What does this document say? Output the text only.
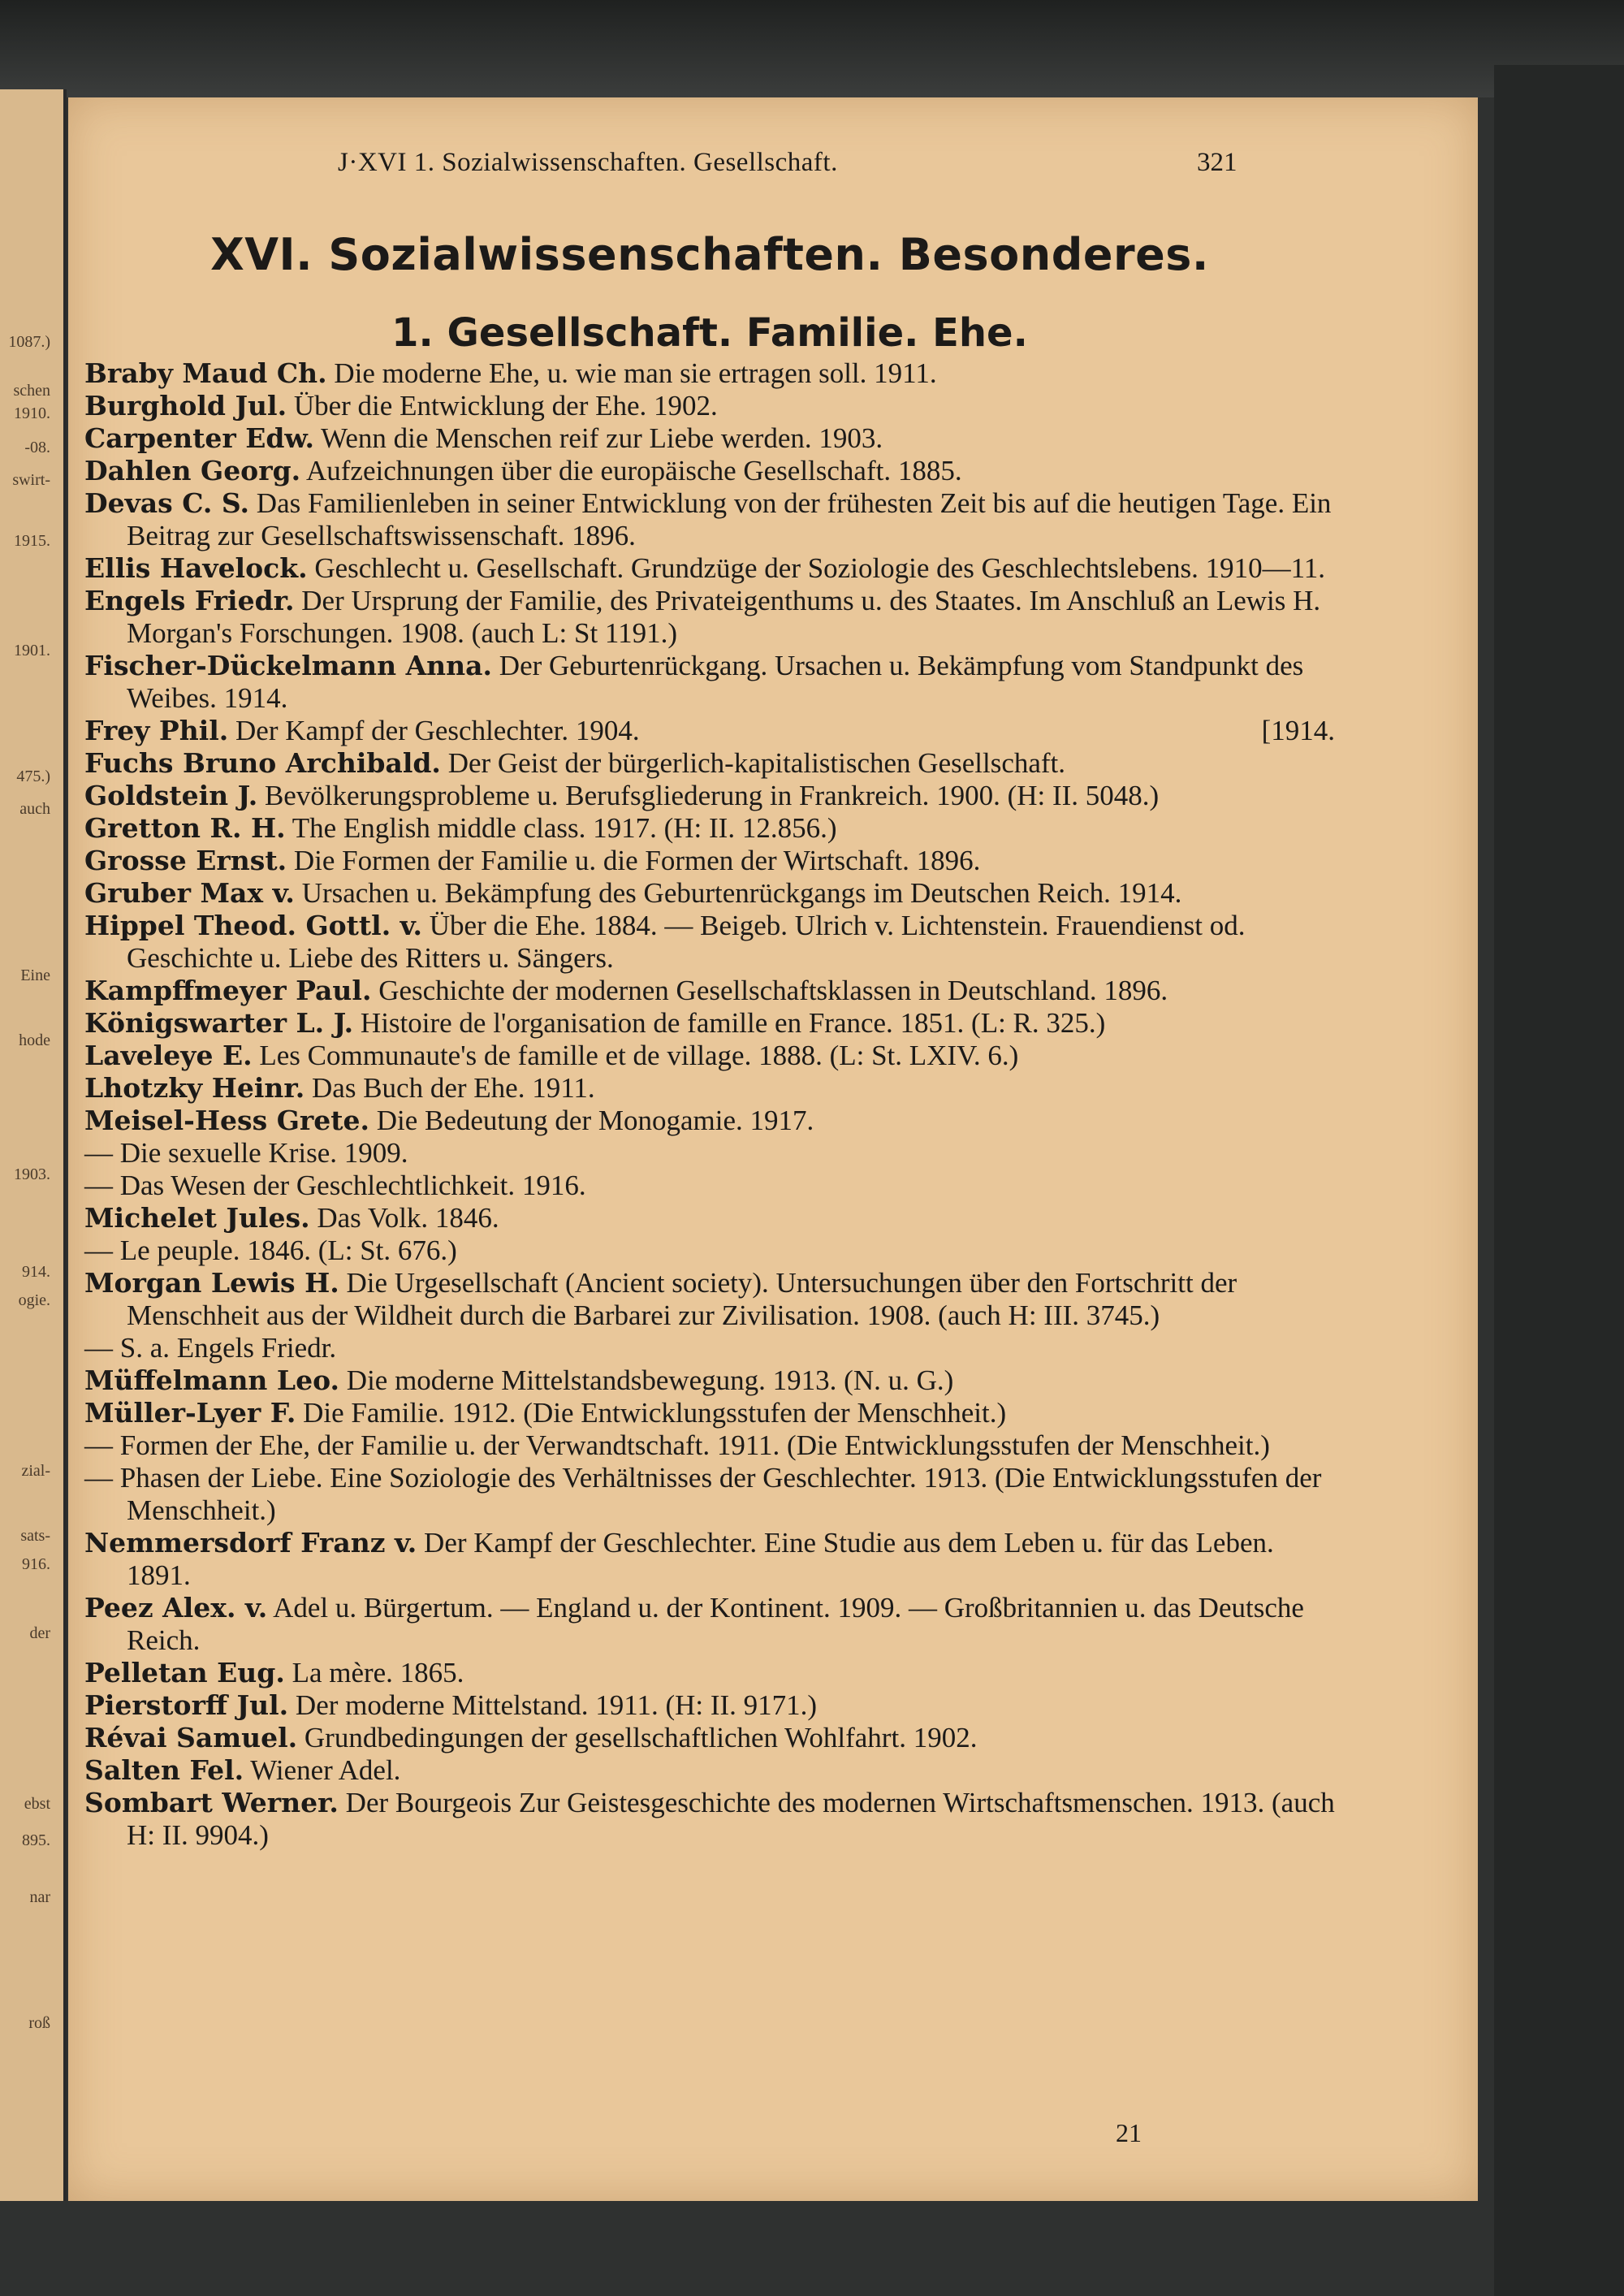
1087.)
schen
1910.
-08.
swirt-
1915.
1901.
475.)
auch
Eine
hode
1903.
914.
ogie.
zial-
sats-
916.
der
ebst
895.
nar
roß
J·XVI 1. Sozialwissenschaften. Gesellschaft.	321
XVI. Sozialwissenschaften. Besonderes.
1. Gesellschaft. Familie. Ehe.

Braby Maud Ch. Die moderne Ehe, u. wie man sie ertragen soll. 1911.

Burghold Jul. Über die Entwicklung der Ehe. 1902.

Carpenter Edw. Wenn die Menschen reif zur Liebe werden. 1903.

Dahlen Georg. Aufzeichnungen über die europäische Gesellschaft. 1885.

Devas C. S. Das Familienleben in seiner Entwicklung von der frühesten Zeit bis auf die heutigen Tage. Ein Beitrag zur Gesellschaftswissenschaft. 1896.

Ellis Havelock. Geschlecht u. Gesellschaft. Grundzüge der Soziologie des Geschlechtslebens. 1910—11.

Engels Friedr. Der Ursprung der Familie, des Privateigenthums u. des Staates. Im Anschluß an Lewis H. Morgan's Forschungen. 1908. (auch L: St 1191.)

Fischer-Dückelmann Anna. Der Geburtenrückgang. Ursachen u. Bekämpfung vom Standpunkt des Weibes. 1914.

Frey Phil. Der Kampf der Geschlechter. 1904.	[1914.

Fuchs Bruno Archibald. Der Geist der bürgerlich-kapitalistischen Gesellschaft.

Goldstein J. Bevölkerungsprobleme u. Berufsgliederung in Frankreich. 1900. (H: II. 5048.)

Gretton R. H. The English middle class. 1917. (H: II. 12.856.)

Grosse Ernst. Die Formen der Familie u. die Formen der Wirtschaft. 1896.

Gruber Max v. Ursachen u. Bekämpfung des Geburtenrückgangs im Deutschen Reich. 1914.

Hippel Theod. Gottl. v. Über die Ehe. 1884. — Beigeb. Ulrich v. Lichtenstein. Frauendienst od. Geschichte u. Liebe des Ritters u. Sängers.

Kampffmeyer Paul. Geschichte der modernen Gesellschaftsklassen in Deutschland. 1896.

Königswarter L. J. Histoire de l'organisation de famille en France. 1851. (L: R. 325.)

Laveleye E. Les Communaute's de famille et de village. 1888. (L: St. LXIV. 6.)

Lhotzky Heinr. Das Buch der Ehe. 1911.

Meisel-Hess Grete. Die Bedeutung der Monogamie. 1917.

— Die sexuelle Krise. 1909.

— Das Wesen der Geschlechtlichkeit. 1916.

Michelet Jules. Das Volk. 1846.

— Le peuple. 1846. (L: St. 676.)

Morgan Lewis H. Die Urgesellschaft (Ancient society). Untersuchungen über den Fortschritt der Menschheit aus der Wildheit durch die Barbarei zur Zivilisation. 1908. (auch H: III. 3745.)

— S. a. Engels Friedr.

Müffelmann Leo. Die moderne Mittelstandsbewegung. 1913. (N. u. G.)

Müller-Lyer F. Die Familie. 1912. (Die Entwicklungsstufen der Menschheit.)

— Formen der Ehe, der Familie u. der Verwandtschaft. 1911. (Die Entwicklungsstufen der Menschheit.)

— Phasen der Liebe. Eine Soziologie des Verhältnisses der Geschlechter. 1913. (Die Entwicklungsstufen der Menschheit.)

Nemmersdorf Franz v. Der Kampf der Geschlechter. Eine Studie aus dem Leben u. für das Leben. 1891.

Peez Alex. v. Adel u. Bürgertum. — England u. der Kontinent. 1909. — Großbritannien u. das Deutsche Reich.

Pelletan Eug. La mère. 1865.

Pierstorff Jul. Der moderne Mittelstand. 1911. (H: II. 9171.)

Révai Samuel. Grundbedingungen der gesellschaftlichen Wohlfahrt. 1902.

Salten Fel. Wiener Adel.

Sombart Werner. Der Bourgeois Zur Geistesgeschichte des modernen Wirtschaftsmenschen. 1913. (auch H: II. 9904.)

21
